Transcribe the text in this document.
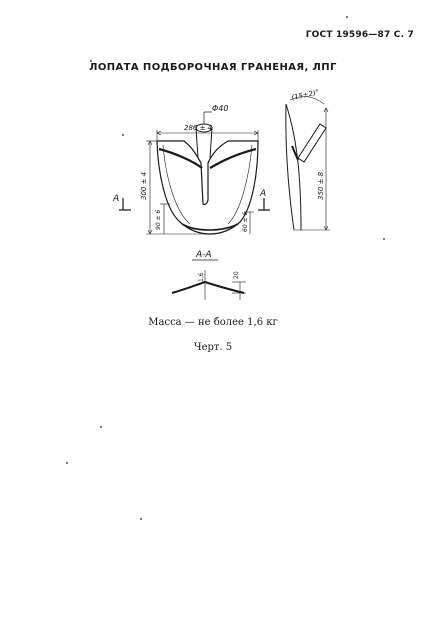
ГОСТ 19596—87 С. 7
ЛОПАТА ПОДБОРОЧНАЯ ГРАНЕНАЯ, ЛПГ
Φ40
286 ± 4
300 ± 4
90 ± 6	60 ± 6
А	А
(15±2)°
350 ± 8
А-А
1,6	20
Масса — не более 1,6 кг
Черт. 5
